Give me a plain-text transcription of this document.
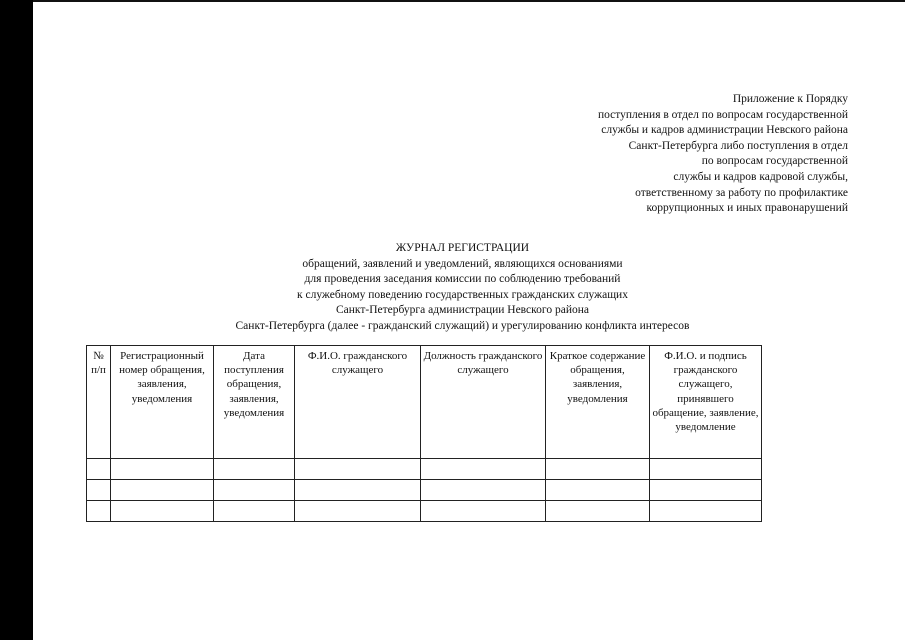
Приложение к Порядку
поступления в отдел по вопросам государственной
службы и кадров администрации Невского района
Санкт-Петербурга либо поступления в отдел
по вопросам государственной
службы и кадров кадровой службы,
ответственному за работу по профилактике
коррупционных и иных правонарушений
ЖУРНАЛ РЕГИСТРАЦИИ
обращений, заявлений и уведомлений, являющихся основаниями
для проведения заседания комиссии по соблюдению требований
к служебному поведению государственных гражданских служащих
Санкт-Петербурга администрации Невского района
Санкт-Петербурга (далее - гражданский служащий) и урегулированию конфликта интересов
№ п/п	Регистрационный номер обращения, заявления, уведомления	Дата поступления обращения, заявления, уведомления	Ф.И.О. гражданского служащего	Должность гражданского служащего	Краткое содержание обращения, заявления, уведомления	Ф.И.О. и подпись гражданского служащего, принявшего обращение, заявление, уведомление
